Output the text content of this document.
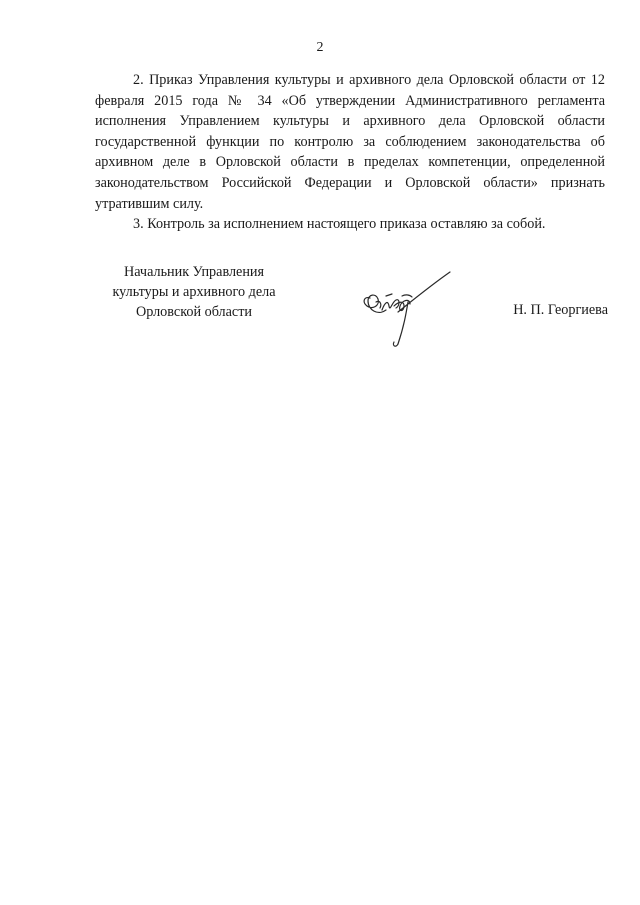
2

2. Приказ Управления культуры и архивного дела Орловской области от 12 февраля 2015 года № 34 «Об утверждении Административного регламента исполнения Управлением культуры и архивного дела Орловской области государственной функции по контролю за соблюдением законодательства об архивном деле в Орловской области в пределах компетенции, определенной законодательством Российской Федерации и Орловской области» признать утратившим силу.

3. Контроль за исполнением настоящего приказа оставляю за собой.

Начальник Управления
культуры и архивного дела
Орловской области	Н. П. Георгиева
